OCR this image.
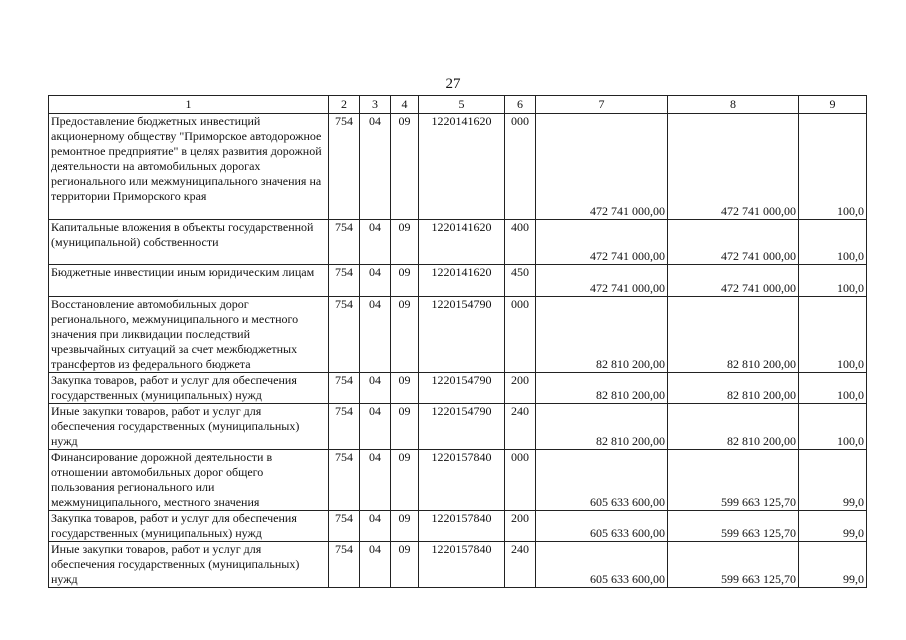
27
1	2	3	4	5	6	7	8	9
Предоставление бюджетных инвестиций акционерному обществу "Приморское автодорожное ремонтное предприятие" в целях развития дорожной деятельности на автомобильных дорогах регионального или межмуниципального значения на территории Приморского края	754	04	09	1220141620	000	472 741 000,00	472 741 000,00	100,0
Капитальные вложения в объекты государственной (муниципальной) собственности	754	04	09	1220141620	400	472 741 000,00	472 741 000,00	100,0
Бюджетные инвестиции иным юридическим лицам	754	04	09	1220141620	450	472 741 000,00	472 741 000,00	100,0
Восстановление автомобильных дорог регионального, межмуниципального и местного значения при ликвидации последствий чрезвычайных ситуаций за счет межбюджетных трансфертов из федерального бюджета	754	04	09	1220154790	000	82 810 200,00	82 810 200,00	100,0
Закупка товаров, работ и услуг для обеспечения государственных (муниципальных) нужд	754	04	09	1220154790	200	82 810 200,00	82 810 200,00	100,0
Иные закупки товаров, работ и услуг для обеспечения государственных (муниципальных) нужд	754	04	09	1220154790	240	82 810 200,00	82 810 200,00	100,0
Финансирование дорожной деятельности в отношении автомобильных дорог общего пользования регионального или межмуниципального, местного значения	754	04	09	1220157840	000	605 633 600,00	599 663 125,70	99,0
Закупка товаров, работ и услуг для обеспечения государственных (муниципальных) нужд	754	04	09	1220157840	200	605 633 600,00	599 663 125,70	99,0
Иные закупки товаров, работ и услуг для обеспечения государственных (муниципальных) нужд	754	04	09	1220157840	240	605 633 600,00	599 663 125,70	99,0
